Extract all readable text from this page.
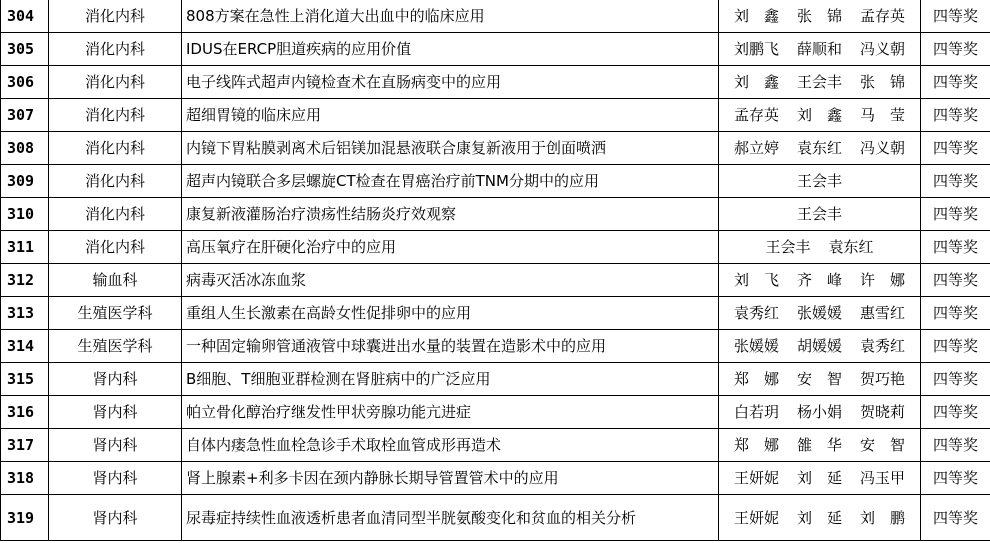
304	消化内科	808方案在急性上消化道大出血中的临床应用	刘　鑫 张　锦 孟存英	四等奖
305	消化内科	IDUS在ERCP胆道疾病的应用价值	刘鹏飞 薛顺和 冯义朝	四等奖
306	消化内科	电子线阵式超声内镜检查术在直肠病变中的应用	刘　鑫 王会丰 张　锦	四等奖
307	消化内科	超细胃镜的临床应用	孟存英 刘　鑫 马　莹	四等奖
308	消化内科	内镜下胃粘膜剥离术后铝镁加混悬液联合康复新液用于创面喷洒	郝立婷 袁东红 冯义朝	四等奖
309	消化内科	超声内镜联合多层螺旋CT检查在胃癌治疗前TNM分期中的应用	王会丰	四等奖
310	消化内科	康复新液灌肠治疗溃疡性结肠炎疗效观察	王会丰	四等奖
311	消化内科	高压氧疗在肝硬化治疗中的应用	王会丰 袁东红	四等奖
312	输血科	病毒灭活冰冻血浆	刘　飞 齐　峰 许　娜	四等奖
313	生殖医学科	重组人生长激素在高龄女性促排卵中的应用	袁秀红 张媛媛 惠雪红	四等奖
314	生殖医学科	一种固定输卵管通液管中球囊进出水量的装置在造影术中的应用	张媛媛 胡媛媛 袁秀红	四等奖
315	肾内科	B细胞、T细胞亚群检测在肾脏病中的广泛应用	郑　娜 安　智 贺巧艳	四等奖
316	肾内科	帕立骨化醇治疗继发性甲状旁腺功能亢进症	白若玥 杨小娟 贺晓莉	四等奖
317	肾内科	自体内瘘急性血栓急诊手术取栓血管成形再造术	郑　娜 雒　华 安　智	四等奖
318	肾内科	肾上腺素+利多卡因在颈内静脉长期导管置管术中的应用	王妍妮 刘　延 冯玉甲	四等奖
319	肾内科	尿毒症持续性血液透析患者血清同型半胱氨酸变化和贫血的相关分析	王妍妮 刘　延 刘　鹏	四等奖
